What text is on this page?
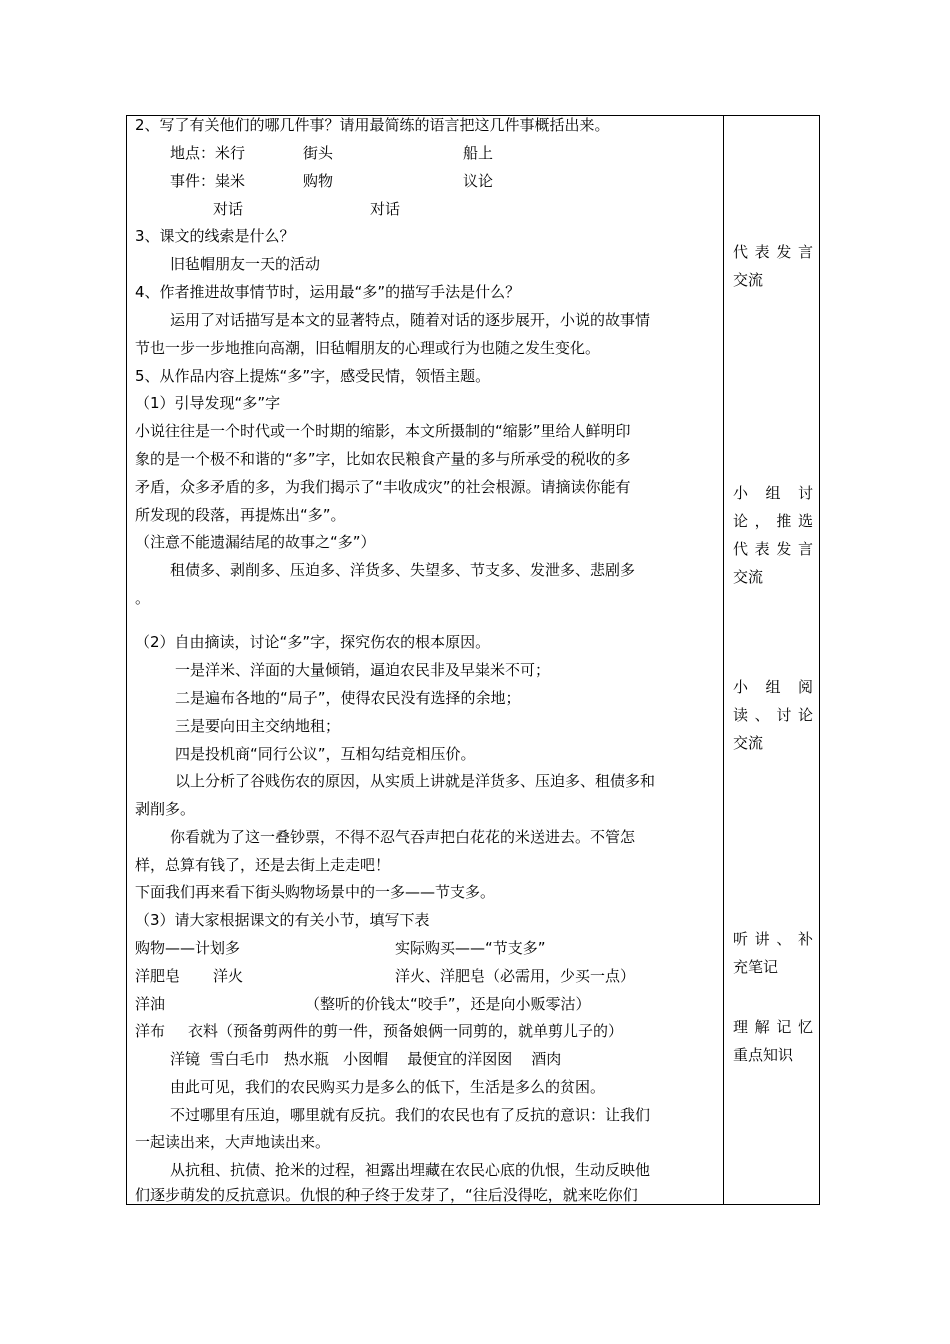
2、写了有关他们的哪几件事？请用最简练的语言把这几件事概括出来。
地点：米行	街头	船上
事件：粜米	购物	议论
对话	对话
3、课文的线索是什么？
旧毡帽朋友一天的活动
4、作者推进故事情节时，运用最“多”的描写手法是什么？
运用了对话描写是本文的显著特点，随着对话的逐步展开，小说的故事情
节也一步一步地推向高潮，旧毡帽朋友的心理或行为也随之发生变化。
5、从作品内容上提炼“多”字，感受民情，领悟主题。
（1）引导发现“多”字
小说往往是一个时代或一个时期的缩影，本文所摄制的“缩影”里给人鲜明印
象的是一个极不和谐的“多”字，比如农民粮食产量的多与所承受的税收的多
矛盾，众多矛盾的多，为我们揭示了“丰收成灾”的社会根源。请摘读你能有
所发现的段落，再提炼出“多”。
（注意不能遗漏结尾的故事之“多”）
租债多、剥削多、压迫多、洋货多、失望多、节支多、发泄多、悲剧多
。
（2）自由摘读，讨论“多”字，探究伤农的根本原因。
一是洋米、洋面的大量倾销，逼迫农民非及早粜米不可；
二是遍布各地的“局子”，使得农民没有选择的余地；
三是要向田主交纳地租；
四是投机商“同行公议”，互相勾结竞相压价。
以上分析了谷贱伤农的原因，从实质上讲就是洋货多、压迫多、租债多和
剥削多。
你看就为了这一叠钞票，不得不忍气吞声把白花花的米送进去。不管怎
样，总算有钱了，还是去街上走走吧！
下面我们再来看下街头购物场景中的一多——节支多。
（3）请大家根据课文的有关小节，填写下表
购物——计划多	实际购买——“节支多”
洋肥皂 洋火	洋火、洋肥皂（必需用，少买一点）
洋油	（整听的价钱太“咬手”，还是向小贩零沽）
洋布 衣料（预备剪两件的剪一件，预备娘俩一同剪的，就单剪儿子的）
洋镜  雪白毛巾   热水瓶   小囡帽    最便宜的洋囡囡    酒肉
由此可见，我们的农民购买力是多么的低下，生活是多么的贫困。
不过哪里有压迫，哪里就有反抗。我们的农民也有了反抗的意识：让我们
一起读出来，大声地读出来。
从抗租、抗债、抢米的过程，袒露出埋藏在农民心底的仇恨，生动反映他
们逐步萌发的反抗意识。仇恨的种子终于发芽了，“往后没得吃，就来吃你们
代表发言
交流
小组讨
论，推选
代表发言
交流
小组阅
读、讨论
交流
听讲、补
充笔记
理解记忆
重点知识
